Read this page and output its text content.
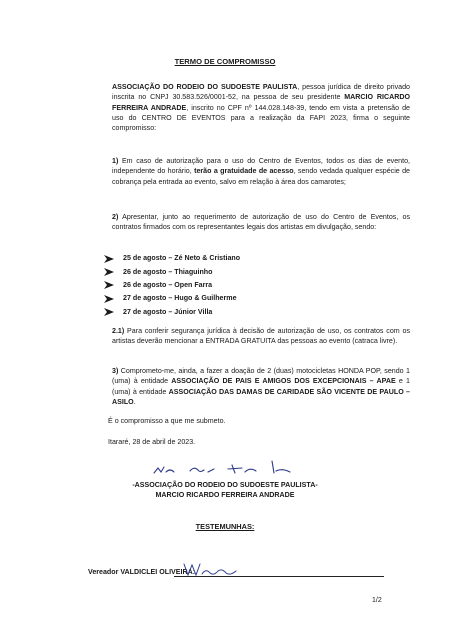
TERMO DE COMPROMISSO
ASSOCIAÇÃO DO RODEIO DO SUDOESTE PAULISTA, pessoa jurídica de direito privado inscrita no CNPJ 30.583.526/0001-52, na pessoa de seu presidente MARCIO RICARDO FERREIRA ANDRADE, inscrito no CPF nº 144.028.148-39, tendo em vista a pretensão de uso do CENTRO DE EVENTOS para a realização da FAPI 2023, firma o seguinte compromisso:
1) Em caso de autorização para o uso do Centro de Eventos, todos os dias de evento, independente do horário, terão a gratuidade de acesso, sendo vedada qualquer espécie de cobrança pela entrada ao evento, salvo em relação à área dos camarotes;
2) Apresentar, junto ao requerimento de autorização de uso do Centro de Eventos, os contratos firmados com os representantes legais dos artistas em divulgação, sendo:
25 de agosto – Zé Neto & Cristiano
26 de agosto – Thiaguinho
26 de agosto – Open Farra
27 de agosto – Hugo & Guilherme
27 de agosto – Júnior Villa
2.1) Para conferir segurança jurídica à decisão de autorização de uso, os contratos com os artistas deverão mencionar a ENTRADA GRATUITA das pessoas ao evento (catraca livre).
3) Comprometo-me, ainda, a fazer a doação de 2 (duas) motocicletas HONDA POP, sendo 1 (uma) à entidade ASSOCIAÇÃO DE PAIS E AMIGOS DOS EXCEPCIONAIS – APAE e 1 (uma) à entidade ASSOCIAÇÃO DAS DAMAS DE CARIDADE SÃO VICENTE DE PAULO – ASILO.
É o compromisso a que me submeto.
Itararé, 28 de abril de 2023.
-ASSOCIAÇÃO DO RODEIO DO SUDOESTE PAULISTA-
MARCIO RICARDO FERREIRA ANDRADE
TESTEMUNHAS:
Vereador VALDICLEI OLIVEIRA:
1/2
